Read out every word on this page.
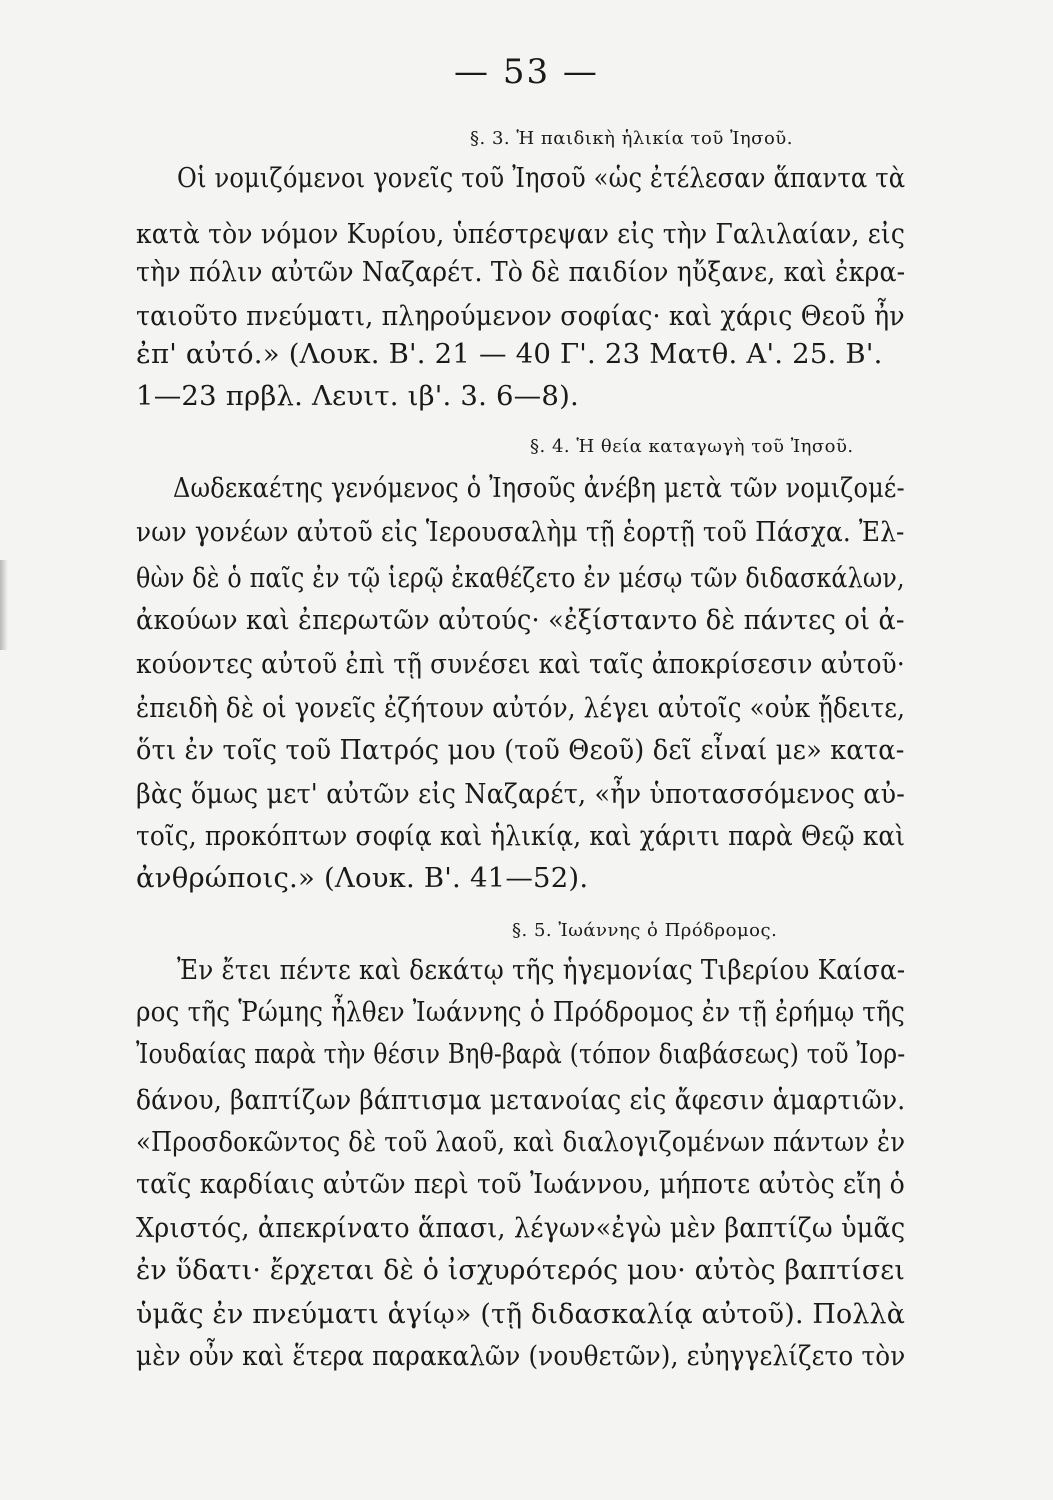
— 53 —
§. 3. Ἡ παιδικὴ ἡλικία τοῦ Ἰησοῦ.
Οἱ νομιζόμενοι γονεῖς τοῦ Ἰησοῦ «ὡς ἐτέλεσαν ἅπαντα τὰ
κατὰ τὸν νόμον Κυρίου, ὑπέστρεψαν εἰς τὴν Γαλιλαίαν, εἰς
τὴν πόλιν αὐτῶν Ναζαρέτ. Τὸ δὲ παιδίον ηὔξανε, καὶ ἐκρα-
ταιοῦτο πνεύματι, πληρούμενον σοφίας· καὶ χάρις Θεοῦ ἦν
ἐπ' αὐτό.» (Λουκ. Β'. 21 — 40 Γ'. 23 Ματθ. Α'. 25. Β'.
1—23 πρβλ. Λευιτ. ιβ'. 3. 6—8).
§. 4. Ἡ θεία καταγωγὴ τοῦ Ἰησοῦ.
Δωδεκαέτης γενόμενος ὁ Ἰησοῦς ἀνέβη μετὰ τῶν νομιζομέ-
νων γονέων αὐτοῦ εἰς Ἱερουσαλὴμ τῇ ἑορτῇ τοῦ Πάσχα. Ἐλ-
θὼν δὲ ὁ παῖς ἐν τῷ ἱερῷ ἐκαθέζετο ἐν μέσῳ τῶν διδασκάλων,
ἀκούων καὶ ἐπερωτῶν αὐτούς· «ἐξίσταντο δὲ πάντες οἱ ἀ-
κούοντες αὐτοῦ ἐπὶ τῇ συνέσει καὶ ταῖς ἀποκρίσεσιν αὐτοῦ·
ἐπειδὴ δὲ οἱ γονεῖς ἐζήτουν αὐτόν, λέγει αὐτοῖς «οὐκ ᾔδειτε,
ὅτι ἐν τοῖς τοῦ Πατρός μου (τοῦ Θεοῦ) δεῖ εἶναί με» κατα-
βὰς ὅμως μετ' αὐτῶν εἰς Ναζαρέτ, «ἦν ὑποτασσόμενος αὐ-
τοῖς, προκόπτων σοφίᾳ καὶ ἡλικίᾳ, καὶ χάριτι παρὰ Θεῷ καὶ
ἀνθρώποις.» (Λουκ. Β'. 41—52).
§. 5. Ἰωάννης ὁ Πρόδρομος.
Ἐν ἔτει πέντε καὶ δεκάτῳ τῆς ἡγεμονίας Τιβερίου Καίσα-
ρος τῆς Ῥώμης ἦλθεν Ἰωάννης ὁ Πρόδρομος ἐν τῇ ἐρήμῳ τῆς
Ἰουδαίας παρὰ τὴν θέσιν Βηθ-βαρὰ (τόπον διαβάσεως) τοῦ Ἰορ-
δάνου, βαπτίζων βάπτισμα μετανοίας εἰς ἄφεσιν ἁμαρτιῶν.
«Προσδοκῶντος δὲ τοῦ λαοῦ, καὶ διαλογιζομένων πάντων ἐν
ταῖς καρδίαις αὐτῶν περὶ τοῦ Ἰωάννου, μήποτε αὐτὸς εἴη ὁ
Χριστός, ἀπεκρίνατο ἅπασι, λέγων«ἐγὼ μὲν βαπτίζω ὑμᾶς
ἐν ὕδατι· ἔρχεται δὲ ὁ ἰσχυρότερός μου· αὐτὸς βαπτίσει
ὑμᾶς ἐν πνεύματι ἁγίῳ» (τῇ διδασκαλίᾳ αὐτοῦ). Πολλὰ
μὲν οὖν καὶ ἕτερα παρακαλῶν (νουθετῶν), εὐηγγελίζετο τὸν
